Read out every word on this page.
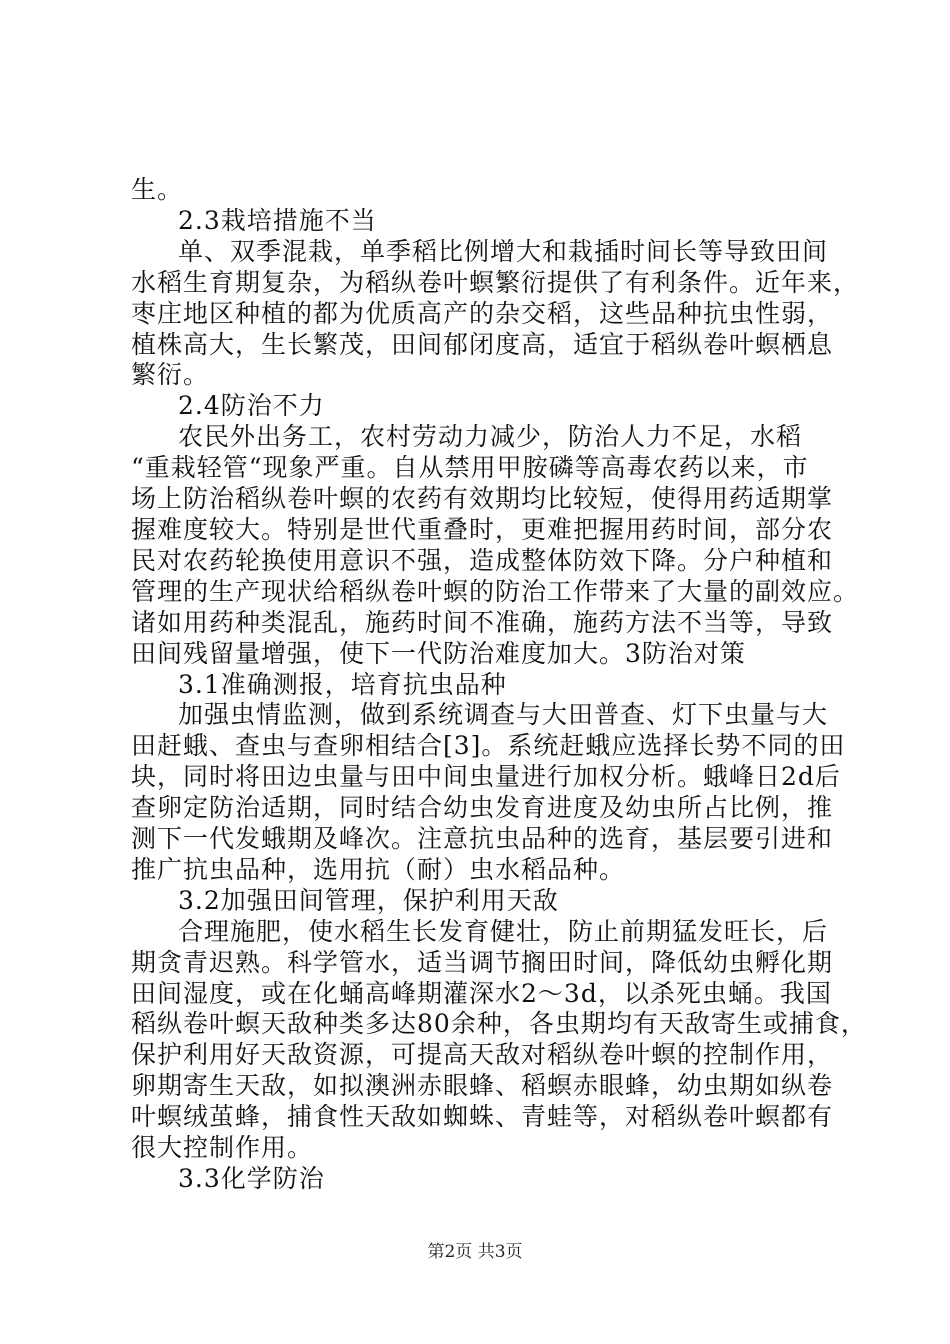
生。
2.3栽培措施不当
单、双季混栽，单季稻比例增大和栽插时间长等导致田间
水稻生育期复杂，为稻纵卷叶螟繁衍提供了有利条件。近年来，
枣庄地区种植的都为优质高产的杂交稻，这些品种抗虫性弱，
植株高大，生长繁茂，田间郁闭度高，适宜于稻纵卷叶螟栖息
繁衍。
2.4防治不力
农民外出务工，农村劳动力减少，防治人力不足，水稻
“重栽轻管“现象严重。自从禁用甲胺磷等高毒农药以来，市
场上防治稻纵卷叶螟的农药有效期均比较短，使得用药适期掌
握难度较大。特别是世代重叠时，更难把握用药时间，部分农
民对农药轮换使用意识不强，造成整体防效下降。分户种植和
管理的生产现状给稻纵卷叶螟的防治工作带来了大量的副效应。
诸如用药种类混乱，施药时间不准确，施药方法不当等，导致
田间残留量增强，使下一代防治难度加大。3防治对策
3.1准确测报，培育抗虫品种
加强虫情监测，做到系统调查与大田普查、灯下虫量与大
田赶蛾、查虫与查卵相结合[3]。系统赶蛾应选择长势不同的田
块，同时将田边虫量与田中间虫量进行加权分析。蛾峰日2d后
查卵定防治适期，同时结合幼虫发育进度及幼虫所占比例，推
测下一代发蛾期及峰次。注意抗虫品种的选育，基层要引进和
推广抗虫品种，选用抗（耐）虫水稻品种。
3.2加强田间管理，保护利用天敌
合理施肥，使水稻生长发育健壮，防止前期猛发旺长，后
期贪青迟熟。科学管水，适当调节搁田时间，降低幼虫孵化期
田间湿度，或在化蛹高峰期灌深水2～3d，以杀死虫蛹。我国
稻纵卷叶螟天敌种类多达80余种，各虫期均有天敌寄生或捕食，
保护利用好天敌资源，可提高天敌对稻纵卷叶螟的控制作用，
卵期寄生天敌，如拟澳洲赤眼蜂、稻螟赤眼蜂，幼虫期如纵卷
叶螟绒茧蜂，捕食性天敌如蜘蛛、青蛙等，对稻纵卷叶螟都有
很大控制作用。
3.3化学防治
第2页 共3页
